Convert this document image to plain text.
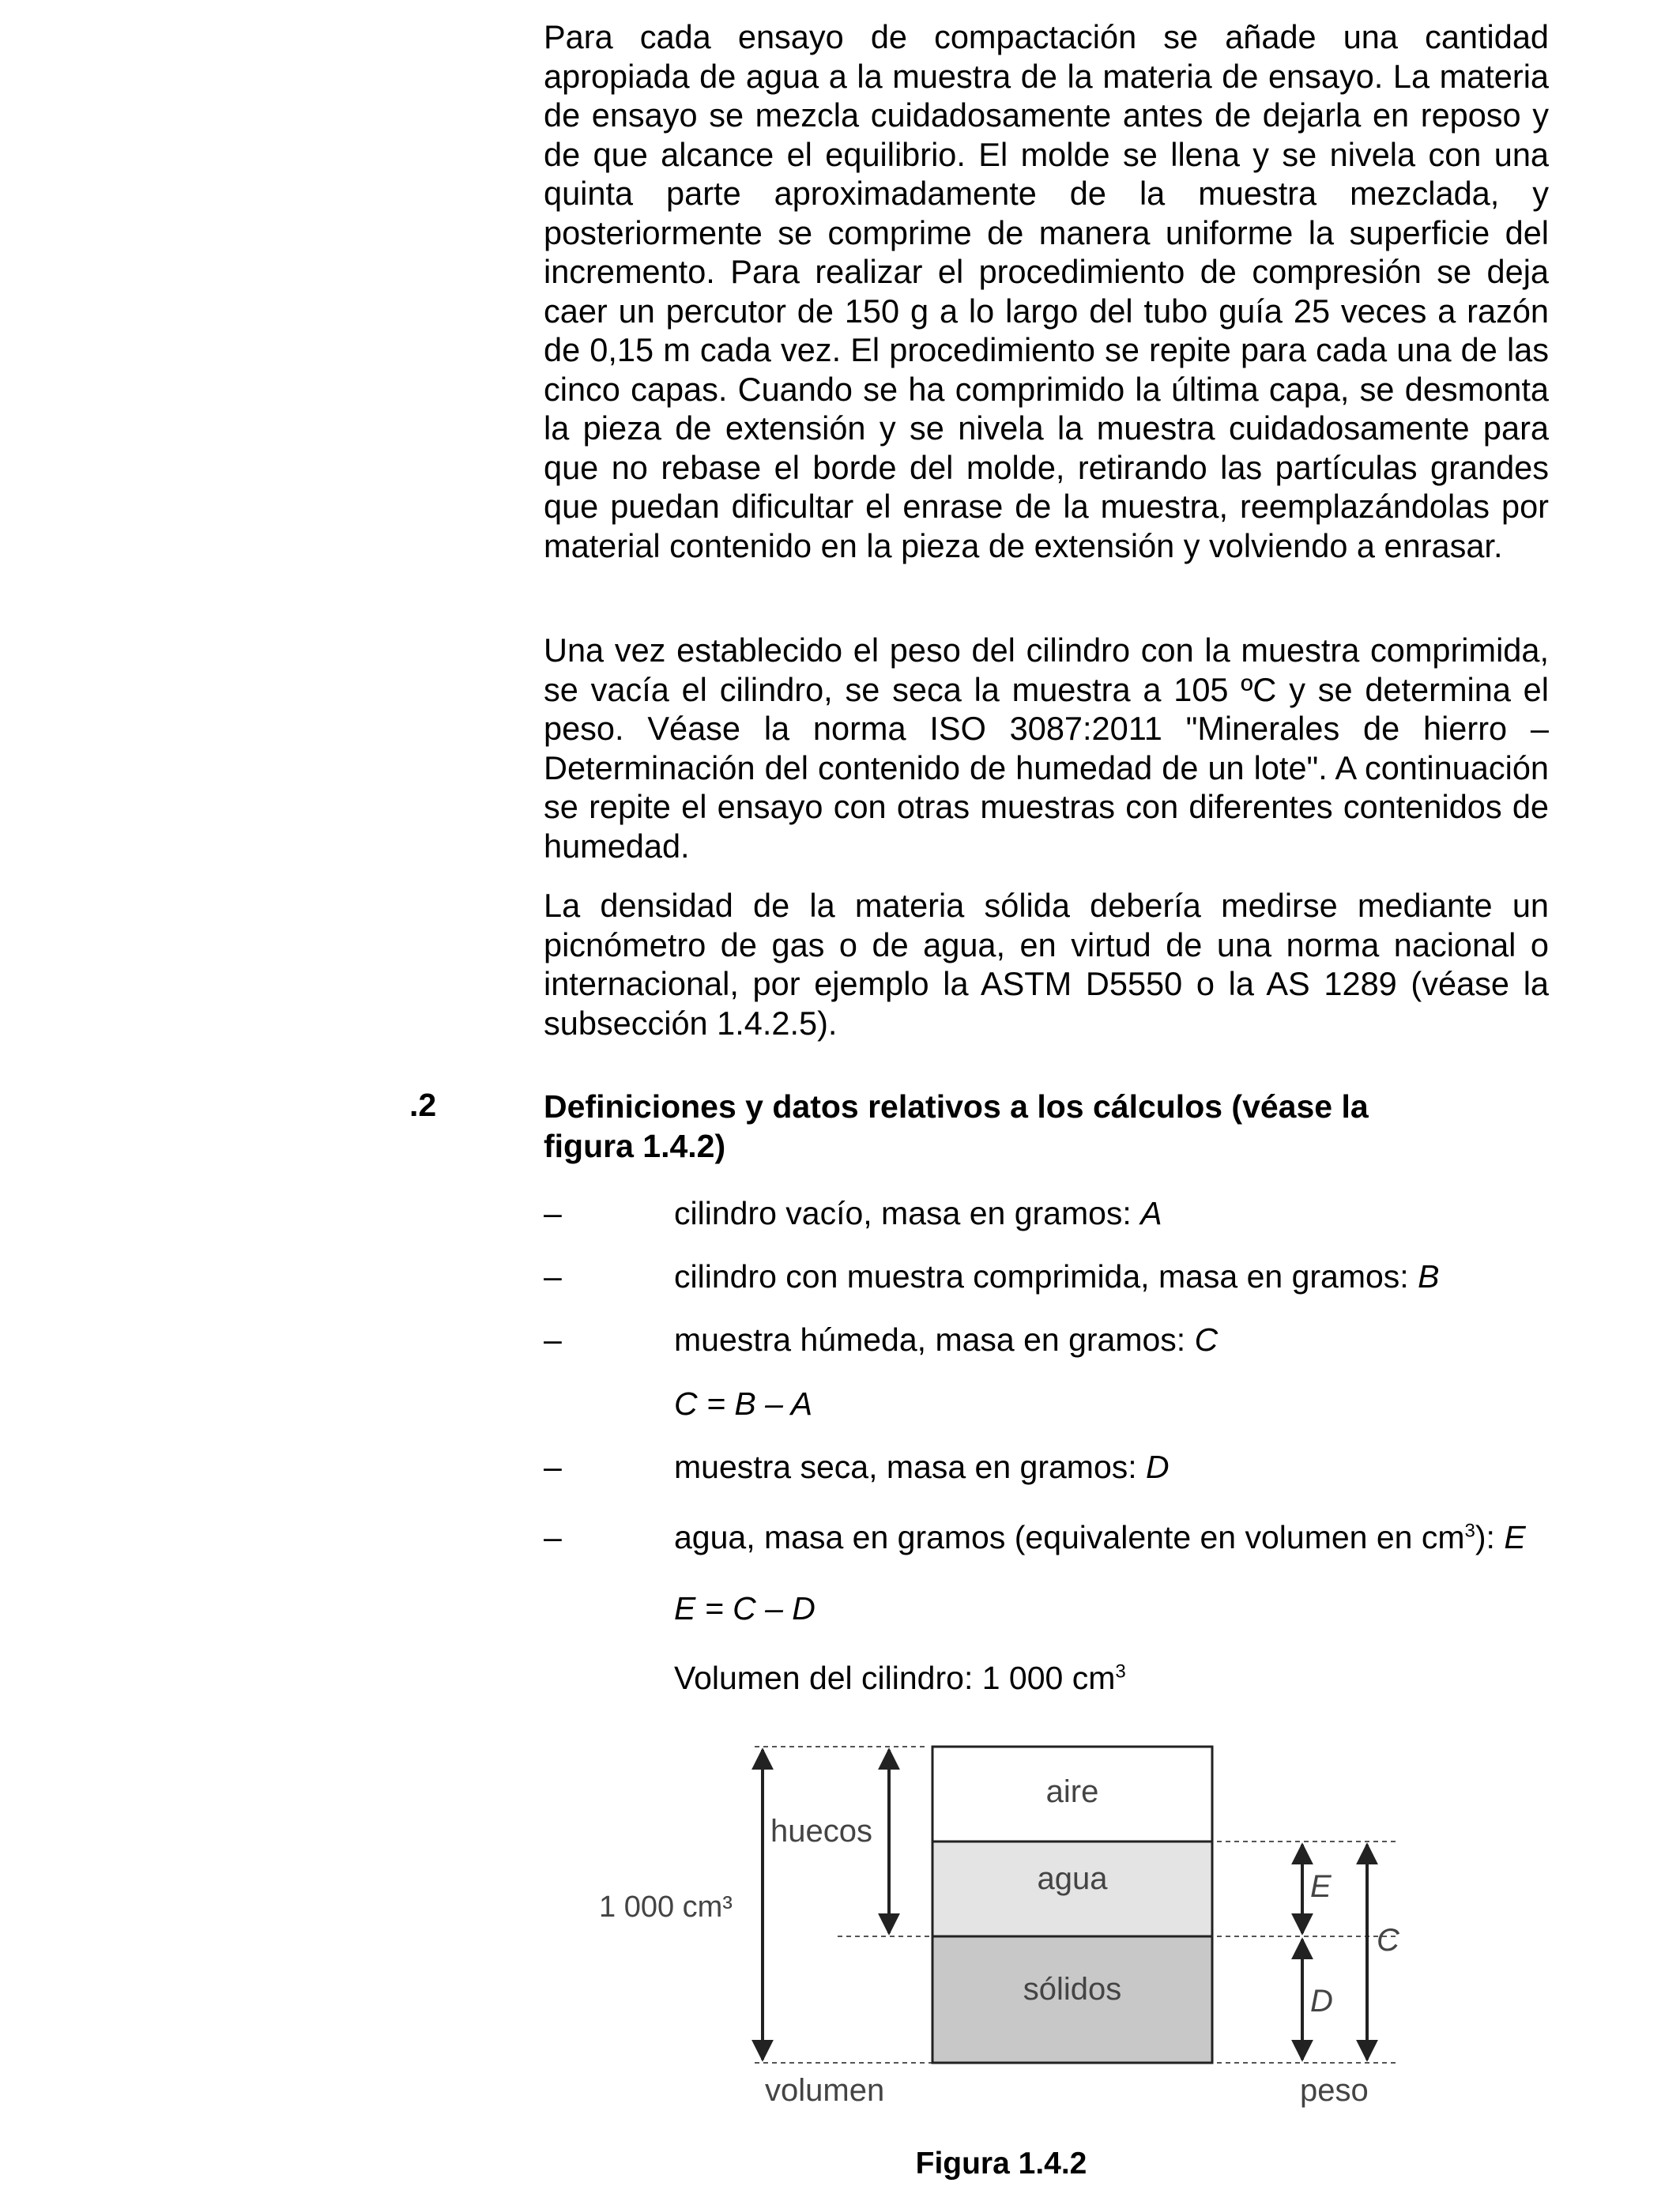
Para cada ensayo de compactación se añade una cantidad apropiada de agua a la muestra de la materia de ensayo. La materia de ensayo se mezcla cuidadosamente antes de dejarla en reposo y de que alcance el equilibrio. El molde se llena y se nivela con una quinta parte aproximadamente de la muestra mezclada, y posteriormente se comprime de manera uniforme la superficie del incremento. Para realizar el procedimiento de compresión se deja caer un percutor de 150 g a lo largo del tubo guía 25 veces a razón de 0,15 m cada vez. El procedimiento se repite para cada una de las cinco capas. Cuando se ha comprimido la última capa, se desmonta la pieza de extensión y se nivela la muestra cuidadosamente para que no rebase el borde del molde, retirando las partículas grandes que puedan dificultar el enrase de la muestra, reemplazándolas por material contenido en la pieza de extensión y volviendo a enrasar.

Una vez establecido el peso del cilindro con la muestra comprimida, se vacía el cilindro, se seca la muestra a 105 ºC y se determina el peso. Véase la norma ISO 3087:2011 "Minerales de hierro – Determinación del contenido de humedad de un lote". A continuación se repite el ensayo con otras muestras con diferentes contenidos de humedad.

La densidad de la materia sólida debería medirse mediante un picnómetro de gas o de agua, en virtud de una norma nacional o internacional, por ejemplo la ASTM D5550 o la AS 1289 (véase la subsección 1.4.2.5).

.2	Definiciones y datos relativos a los cálculos (véase la
figura 1.4.2)
–	cilindro vacío, masa en gramos: A
–	cilindro con muestra comprimida, masa en gramos: B
–	muestra húmeda, masa en gramos: C
C = B – A
–	muestra seca, masa en gramos: D
–	agua, masa en gramos (equivalente en volumen en $cm^3$): E
E = C – D
Volumen del cilindro: 1 000 $cm^3$
aire
agua
sólidos
1 000 cm³
huecos
E
D
C
volumen	peso
Figura 1.4.2
